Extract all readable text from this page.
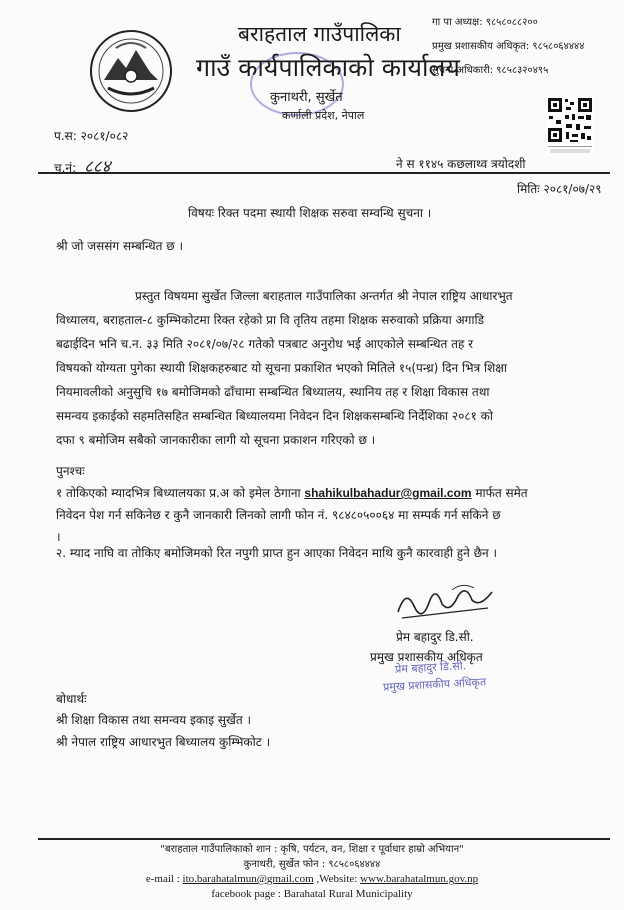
बराहताल गाउँपालिका
गाउँ कार्यपालिकाको कार्यालय
कुनाथरी, सुर्खेत
कर्णाली प्रदेश, नेपाल
गा पा अध्यक्ष: ९८५८०८८२००
प्रमुख प्रशासकीय अधिकृत: ९८५८०६४४४४
सुचना अधिकारी: ९८५८३२०४९५
प.स: २०८१/०८२
च.नं: ८८४	ने स ११४५ कछलाथ्व त्रयोदशी
मितिः २०८१/०७/२९
विषयः रिक्त पदमा स्थायी शिक्षक सरुवा सम्वन्धि सुचना ।
श्री जो जससंग सम्बन्धित छ ।
प्रस्तुत विषयमा सुर्खेत जिल्ला बराहताल गाउँपालिका अन्तर्गत श्री नेपाल राष्ट्रिय आधारभुत
विध्यालय, बराहताल-८ कुम्भिकोटमा रिक्त रहेको प्रा वि तृतिय तहमा शिक्षक सरुवाको प्रक्रिया अगाडि
बढाईदिन भनि च.न. ३३ मिति २०८१/०७/२८ गतेको पत्रबाट अनुरोध भई आएकोले सम्बन्धित तह र
विषयको योग्यता पुगेका स्थायी शिक्षकहरुबाट यो सूचना प्रकाशित भएको मितिले १५(पन्ध्र) दिन भित्र शिक्षा
नियमावलीको अनुसुचि १७ बमोजिमको ढाँचामा सम्बन्धित बिध्यालय, स्थानिय तह र शिक्षा विकास तथा
समन्वय इकाईको सहमतिसहित सम्बन्धित बिध्यालयमा निवेदन दिन शिक्षकसम्बन्धि निर्देशिका २०८१ को
दफा ९ बमोजिम सबैको जानकारीका लागी यो सूचना प्रकाशन गरिएको छ ।
पुनश्चः
१ तोकिएको म्यादभित्र बिध्यालयका प्र.अ को इमेल ठेगाना shahikulbahadur@gmail.com मार्फत समेत
निवेदन पेश गर्न सकिनेछ र कुनै जानकारी लिनको लागी फोन नं. ९८४८०५००६४ मा सम्पर्क गर्न सकिने छ
।
२. म्याद नाघि वा तोकिए बमोजिमको रित नपुगी प्राप्त हुन आएका निवेदन माथि कुनै कारवाही हुने छैन ।
प्रेम बहादुर डि.सी.
प्रमुख प्रशासकीय अधिकृत
प्रेम बहादुर डि.सी.
प्रमुख प्रशासकीय अधिकृत
बोधार्थः
श्री शिक्षा विकास तथा समन्वय इकाइ सुर्खेत ।
श्री नेपाल राष्ट्रिय आधारभुत बिध्यालय कुम्भिकोट ।
"बराहताल गाउँपालिकाको शान : कृषि, पर्यटन, वन, शिक्षा र पूर्वाधार हाम्रो अभियान"
कुनाथरी, सुर्खेत फोन : ९८५८०६४४४४
e-mail : ito.barahatalmun@gmail.com ,Website: www.barahatalmun.gov.np
facebook page : Barahatal Rural Municipality
